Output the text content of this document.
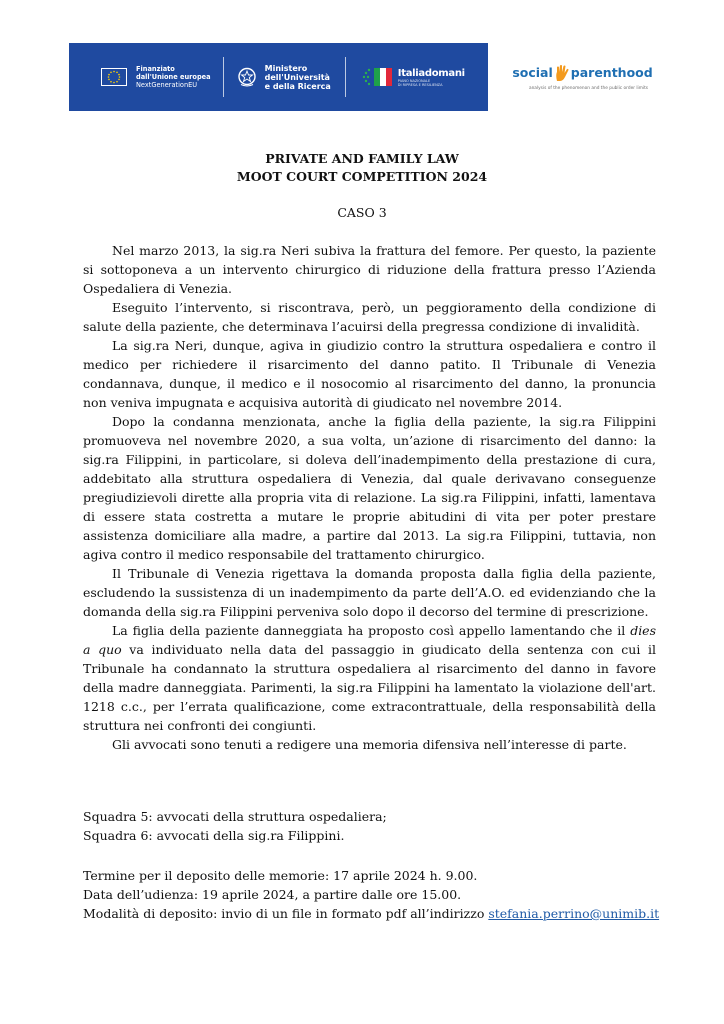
Finanziato
dall'Unione europea
NextGenerationEU
Ministero
dell'Università
e della Ricerca
Italiadomani
PIANO NAZIONALE
DI RIPRESA E RESILIENZA
social parenthood
analysis of the phenomenon and the public order limits
PRIVATE AND FAMILY LAW
MOOT COURT COMPETITION 2024
CASO 3

Nel marzo 2013, la sig.ra Neri subiva la frattura del femore. Per questo, la paziente si sottoponeva a un intervento chirurgico di riduzione della frattura presso l’Azienda Ospedaliera di Venezia.

Eseguito l’intervento, si riscontrava, però, un peggioramento della condizione di salute della paziente, che determinava l’acuirsi della pregressa condizione di invalidità.

La sig.ra Neri, dunque, agiva in giudizio contro la struttura ospedaliera e contro il medico per richiedere il risarcimento del danno patito. Il Tribunale di Venezia condannava, dunque, il medico e il nosocomio al risarcimento del danno, la pronuncia non veniva impugnata e acquisiva autorità di giudicato nel novembre 2014.

Dopo la condanna menzionata, anche la figlia della paziente, la sig.ra Filippini promuoveva nel novembre 2020, a sua volta, un’azione di risarcimento del danno: la sig.ra Filippini, in particolare, si doleva dell’inadempimento della prestazione di cura, addebitato alla struttura ospedaliera di Venezia, dal quale derivavano conseguenze pregiudizievoli dirette alla propria vita di relazione. La sig.ra Filippini, infatti, lamentava di essere stata costretta a mutare le proprie abitudini di vita per poter prestare assistenza domiciliare alla madre, a partire dal 2013. La sig.ra Filippini, tuttavia, non agiva contro il medico responsabile del trattamento chirurgico.

Il Tribunale di Venezia rigettava la domanda proposta dalla figlia della paziente, escludendo la sussistenza di un inadempimento da parte dell’A.O. ed evidenziando che la domanda della sig.ra Filippini perveniva solo dopo il decorso del termine di prescrizione.

La figlia della paziente danneggiata ha proposto così appello lamentando che il dies a quo va individuato nella data del passaggio in giudicato della sentenza con cui il Tribunale ha condannato la struttura ospedaliera al risarcimento del danno in favore della madre danneggiata. Parimenti, la sig.ra Filippini ha lamentato la violazione dell'art. 1218 c.c., per l’errata qualificazione, come extracontrattuale, della responsabilità della struttura nei confronti dei congiunti.

Gli avvocati sono tenuti a redigere una memoria difensiva nell’interesse di parte.

Squadra 5: avvocati della struttura ospedaliera;
Squadra 6: avvocati della sig.ra Filippini.
Termine per il deposito delle memorie: 17 aprile 2024 h. 9.00.
Data dell’udienza: 19 aprile 2024, a partire dalle ore 15.00.
Modalità di deposito: invio di un file in formato pdf all’indirizzo stefania.perrino@unimib.it
